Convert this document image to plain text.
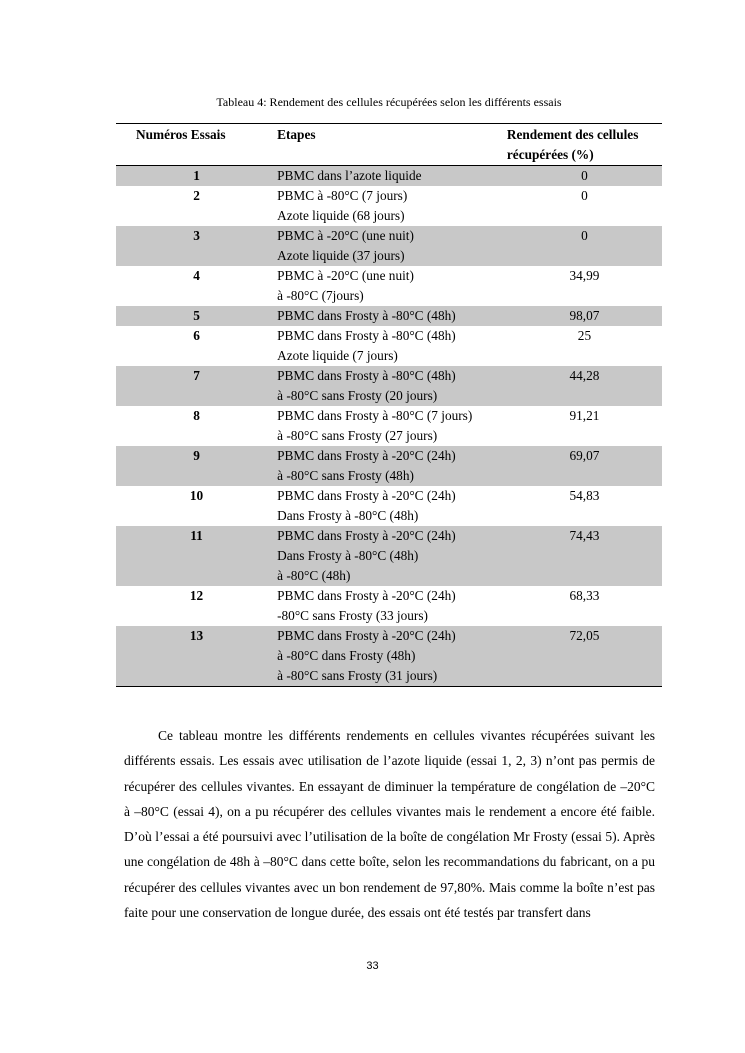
Tableau 4: Rendement des cellules récupérées selon les différents essais
Numéros Essais	Etapes	Rendement des cellules récupérées (%)
1	PBMC dans l’azote liquide	0
2	PBMC à -80°C (7 jours)
Azote liquide (68 jours)	0
3	PBMC à -20°C (une nuit)
Azote liquide (37 jours)	0
4	PBMC à -20°C (une nuit)
à -80°C (7jours)	34,99
5	PBMC dans Frosty à -80°C (48h)	98,07
6	PBMC dans Frosty à -80°C (48h)
Azote liquide (7 jours)	25
7	PBMC dans Frosty à -80°C (48h)
à -80°C sans Frosty (20 jours)	44,28
8	PBMC dans Frosty à -80°C (7 jours)
à -80°C sans Frosty (27 jours)	91,21
9	PBMC dans Frosty à -20°C (24h)
à -80°C sans Frosty (48h)	69,07
10	PBMC dans Frosty à -20°C (24h)
Dans Frosty à -80°C (48h)	54,83
11	PBMC dans Frosty à -20°C (24h)
Dans Frosty à -80°C (48h)
à -80°C (48h)	74,43
12	PBMC dans Frosty à -20°C (24h)
-80°C sans Frosty (33 jours)	68,33
13	PBMC dans Frosty à -20°C (24h)
à -80°C dans Frosty (48h)
à -80°C sans Frosty (31 jours)	72,05

Ce tableau montre les différents rendements en cellules vivantes récupérées suivant les différents essais. Les essais avec utilisation de l’azote liquide (essai 1, 2, 3) n’ont pas permis de récupérer des cellules vivantes. En essayant de diminuer la température de congélation de –20°C à –80°C (essai 4), on a pu récupérer des cellules vivantes mais le rendement a encore été faible. D’où l’essai a été poursuivi avec l’utilisation de la boîte de congélation Mr Frosty (essai 5). Après une congélation de 48h à –80°C dans cette boîte, selon les recommandations du fabricant, on a pu récupérer des cellules vivantes avec un bon rendement de 97,80%. Mais comme la boîte n’est pas faite pour une conservation de longue durée, des essais ont été testés par transfert dans

33
